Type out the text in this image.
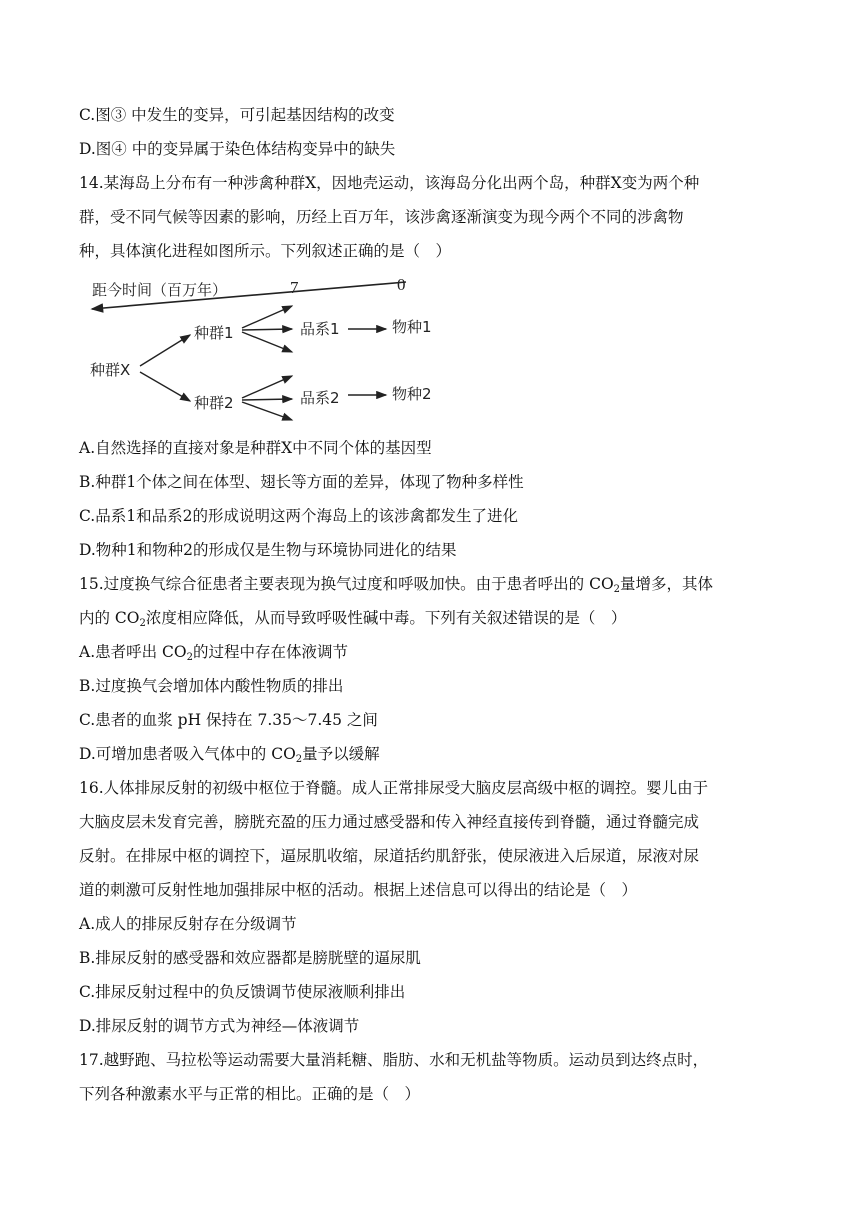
C.图③ 中发生的变异，可引起基因结构的改变
D.图④ 中的变异属于染色体结构变异中的缺失
14.某海岛上分布有一种涉禽种群X，因地壳运动，该海岛分化出两个岛，种群X变为两个种
群，受不同气候等因素的影响，历经上百万年，该涉禽逐渐演变为现今两个不同的涉禽物
种，具体演化进程如图所示。下列叙述正确的是（　）
距今时间（百万年）	7	0
种群X
种群1	品系1	物种1
种群2	品系2	物种2
A.自然选择的直接对象是种群X中不同个体的基因型
B.种群1个体之间在体型、翅长等方面的差异，体现了物种多样性
C.品系1和品系2的形成说明这两个海岛上的该涉禽都发生了进化
D.物种1和物种2的形成仅是生物与环境协同进化的结果
15.过度换气综合征患者主要表现为换气过度和呼吸加快。由于患者呼出的 $CO_2$量增多，其体
内的 $CO_2$浓度相应降低，从而导致呼吸性碱中毒。下列有关叙述错误的是（　）
A.患者呼出 $CO_2$的过程中存在体液调节
B.过度换气会增加体内酸性物质的排出
C.患者的血浆 pH 保持在 7.35～7.45 之间
D.可增加患者吸入气体中的 $CO_2$量予以缓解
16.人体排尿反射的初级中枢位于脊髓。成人正常排尿受大脑皮层高级中枢的调控。婴儿由于
大脑皮层未发育完善，膀胱充盈的压力通过感受器和传入神经直接传到脊髓，通过脊髓完成
反射。在排尿中枢的调控下，逼尿肌收缩，尿道括约肌舒张，使尿液进入后尿道，尿液对尿
道的刺激可反射性地加强排尿中枢的活动。根据上述信息可以得出的结论是（　）
A.成人的排尿反射存在分级调节
B.排尿反射的感受器和效应器都是膀胱壁的逼尿肌
C.排尿反射过程中的负反馈调节使尿液顺利排出
D.排尿反射的调节方式为神经—体液调节
17.越野跑、马拉松等运动需要大量消耗糖、脂肪、水和无机盐等物质。运动员到达终点时，
下列各种激素水平与正常的相比。正确的是（　）
